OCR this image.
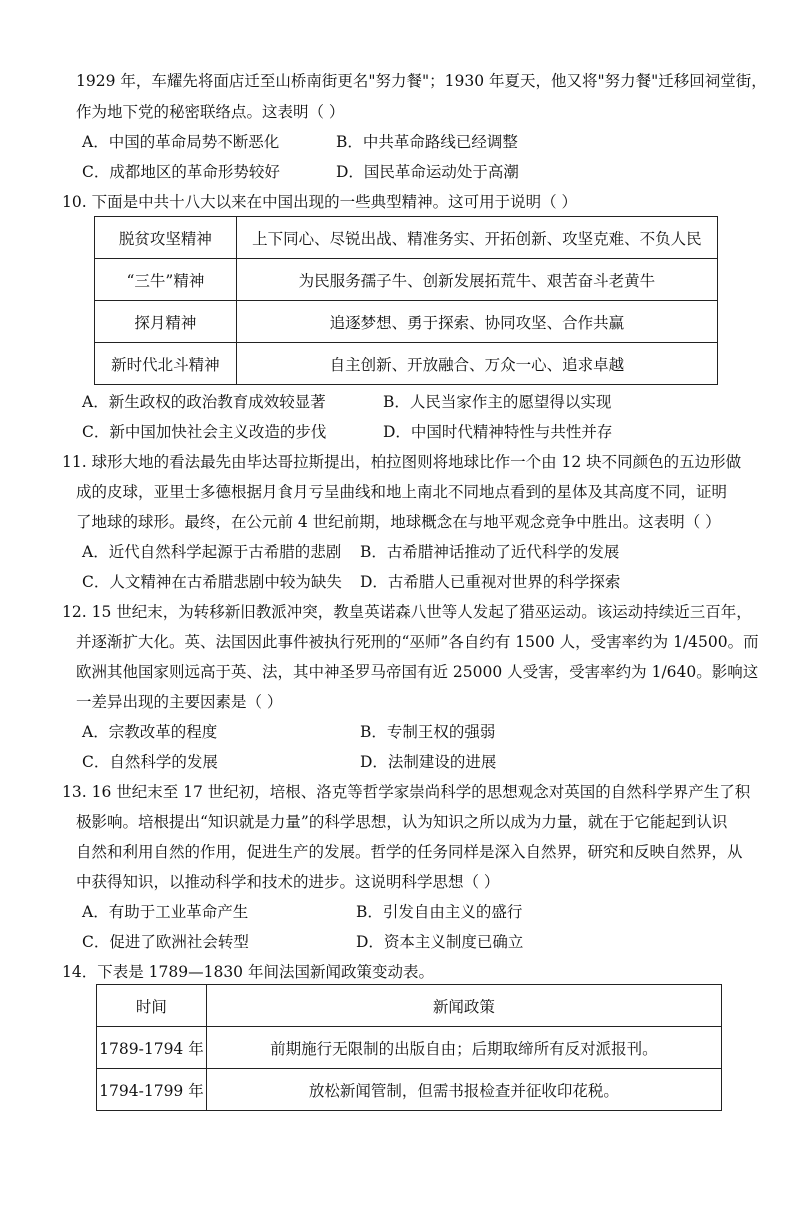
1929 年，车耀先将面店迁至山桥南街更名"努力餐"；1930 年夏天，他又将"努力餐"迁移回祠堂街，
作为地下党的秘密联络点。这表明（ ）
A．中国的革命局势不断恶化	B．中共革命路线已经调整
C．成都地区的革命形势较好	D．国民革命运动处于高潮
10. 下面是中共十八大以来在中国出现的一些典型精神。这可用于说明（ ）
脱贫攻坚精神	上下同心、尽锐出战、精准务实、开拓创新、攻坚克难、不负人民
“三牛”精神	为民服务孺子牛、创新发展拓荒牛、艰苦奋斗老黄牛
探月精神	追逐梦想、勇于探索、协同攻坚、合作共赢
新时代北斗精神	自主创新、开放融合、万众一心、追求卓越
A．新生政权的政治教育成效较显著	B．人民当家作主的愿望得以实现
C．新中国加快社会主义改造的步伐	D．中国时代精神特性与共性并存
11. 球形大地的看法最先由毕达哥拉斯提出，柏拉图则将地球比作一个由 12 块不同颜色的五边形做
成的皮球，亚里士多德根据月食月亏呈曲线和地上南北不同地点看到的星体及其高度不同，证明
了地球的球形。最终，在公元前 4 世纪前期，地球概念在与地平观念竞争中胜出。这表明（ ）
A．近代自然科学起源于古希腊的悲剧 B．古希腊神话推动了近代科学的发展
C．人文精神在古希腊悲剧中较为缺失 D．古希腊人已重视对世界的科学探索
12. 15 世纪末，为转移新旧教派冲突，教皇英诺森八世等人发起了猎巫运动。该运动持续近三百年，
并逐渐扩大化。英、法国因此事件被执行死刑的“巫师”各自约有 1500 人，受害率约为 1/4500。而
欧洲其他国家则远高于英、法，其中神圣罗马帝国有近 25000 人受害，受害率约为 1/640。影响这
一差异出现的主要因素是（ ）
A．宗教改革的程度	B．专制王权的强弱
C．自然科学的发展	D．法制建设的进展
13. 16 世纪末至 17 世纪初，培根、洛克等哲学家崇尚科学的思想观念对英国的自然科学界产生了积
极影响。培根提出“知识就是力量”的科学思想，认为知识之所以成为力量，就在于它能起到认识
自然和利用自然的作用，促进生产的发展。哲学的任务同样是深入自然界，研究和反映自然界，从
中获得知识，以推动科学和技术的进步。这说明科学思想（ ）
A．有助于工业革命产生	B．引发自由主义的盛行
C．促进了欧洲社会转型	D．资本主义制度已确立
14．下表是 1789—1830 年间法国新闻政策变动表。
时间	新闻政策
1789-1794 年	前期施行无限制的出版自由；后期取缔所有反对派报刊。
1794-1799 年	放松新闻管制，但需书报检查并征收印花税。
